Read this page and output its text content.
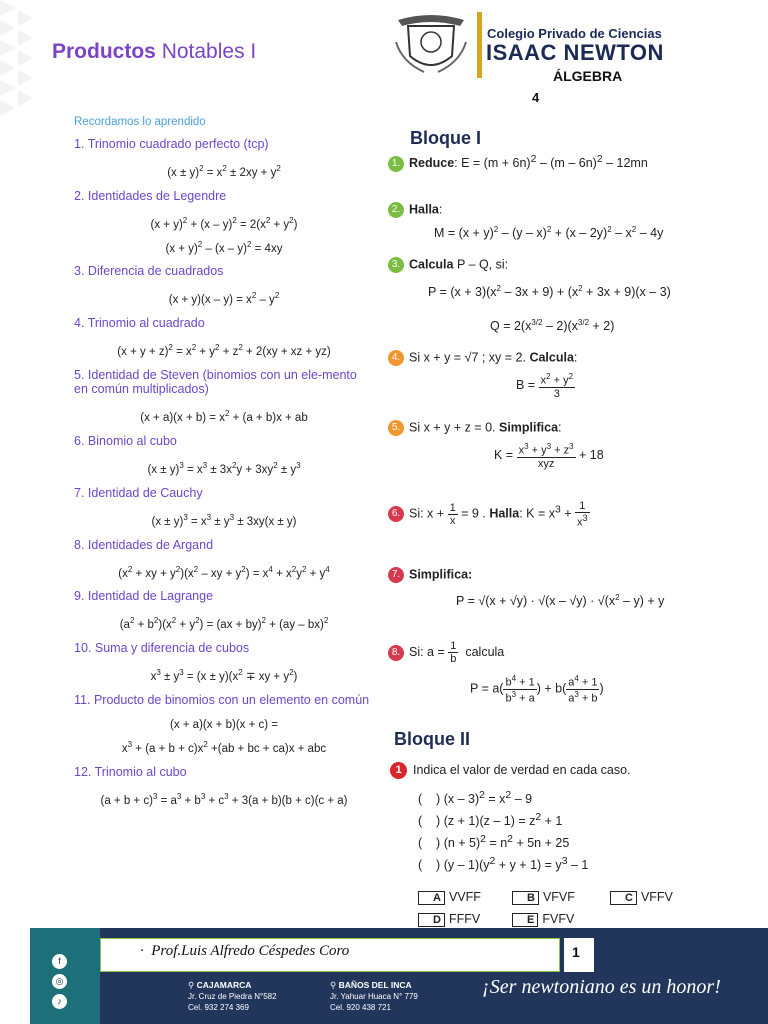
Productos Notables I
Colegio Privado de Ciencias
ISAAC NEWTON
ÁLGEBRA
4
Recordamos lo aprendido
1. Trinomio cuadrado perfecto (tcp)
$(x \pm y)^2 = x^2 \pm 2xy + y^2$
2. Identidades de Legendre
$(x + y)^2 + (x - y)^2 = 2(x^2 + y^2)$
$(x + y)^2 - (x - y)^2 = 4xy$
3. Diferencia de cuadrados
$(x + y)(x - y) = x^2 - y^2$
4. Trinomio al cuadrado
$(x + y + z)^2 = x^2 + y^2 + z^2 + 2(xy$ + xz + yz)
5. Identidad de Steven (binomios con un ele-mento en común multiplicados)
$(x + a)(x + b) = x^2 + (a + b)x$ + ab
6. Binomio al cubo
$(x \pm y)^3 = x^3 \pm 3x^2y + 3xy^2 \pm y^3$
7. Identidad de Cauchy
$(x \pm y)^3 = x^3 \pm y^3 \pm 3xy(x \pm y)$
8. Identidades de Argand
($x^2$ + xy + $y^2)(x^2$ – xy + $y^2) = x^4 + x^2y^2 + y^4$
9. Identidad de Lagrange
$(a^2 + b^2)(x^2 + y^2) = (ax + by)^2 + (ay - bx)^2$
10. Suma y diferencia de cubos
$x^3 \pm y^3 = (x \pm y)(x^2$ ∓ xy + $y^2$)
11. Producto de binomios con un elemento en común
(x + a)(x + b)(x + c) =
$x^3 + (a + b + c)x^2 +(ab$ + bc + ca)x + abc
12. Trinomio al cubo
$(a + b + c)^3 = a^3 + b^3 + c^3 + 3(a + b)(b + c)(c + a)$
Bloque I
1. Reduce: $E = (m + 6n)^2 - (m - 6n)^2 - 12mn$
2. Halla:
$M = (x + y)^2 - (y - x)^2 + (x - 2y)^2 - x^2 - 4y$
3. Calcula P – Q, si:
$P = (x + 3)(x^2 - 3x + 9) + (x^2 + 3x + 9)(x - 3)$
$Q = 2(x^{3/2} - 2)(x^{3/2} + 2)$
4. Si x + y = √7 ; xy = 2. Calcula:
$B = \frac{x^2 + y^2}{3}$
5. Si x + y + z = 0. Simplifica:
$K = \frac{x^3 + y^3 + z^3}{\text{xyz}} + 18$
6. Si: $x + \frac{1}{x} = 9$ . Halla: $K = x^3 + \frac{1}{x^3}$
7. Simplifica:
$P = √(x + √y) \cdot √(x - √y) \cdot √(x^2 - y) + y$
8. Si: $a = \frac{1}{b}$ calcula
$P = a( \frac{b^4 + 1}{b^3 + a}$ ) + $b( \frac{a^4 + 1}{a^3 + b}$ )
Bloque II
1 Indica el valor de verdad en cada caso.
(    ) $(x - 3)^2 = x^2 - 9$
(    ) $(z + 1)(z - 1) = z^2 + 1$
(    ) $(n + 5)^2 = n^2 + 5n + 25$
(    ) $(y - 1)(y^2 + y + 1) = y^3 - 1$
A VVFF	B VFVF	C VFFV
D FFFV	E FVFV
·  Prof.Luis Alfredo Céspedes Coro	1
f
◎
♪
⚲ CAJAMARCA
Jr. Cruz de Piedra N°582
Cel. 932 274 369
⚲ BAÑOS DEL INCA
Jr. Yahuar Huaca N° 779
Cel. 920 438 721
¡Ser newtoniano es un honor!
